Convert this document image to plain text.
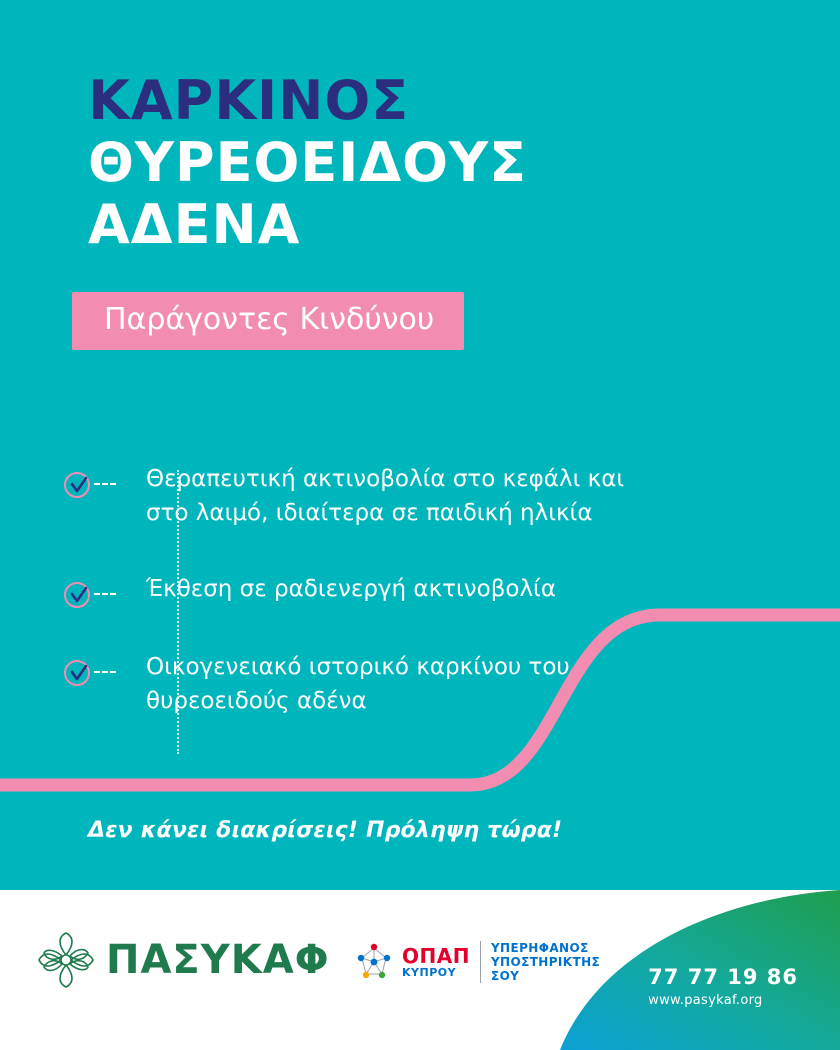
ΚΑΡΚΙΝΟΣ
ΘΥΡΕΟΕΙΔΟΥΣ
ΑΔΕΝΑ
Παράγοντες Κινδύνου
Θεραπευτική ακτινοβολία στο κεφάλι και στο λαιμό, ιδιαίτερα σε παιδική ηλικία
Έκθεση σε ραδιενεργή ακτινοβολία
Οικογενειακό ιστορικό καρκίνου του θυρεοειδούς αδένα
Δεν κάνει διακρίσεις! Πρόληψη τώρα!
ΠΑΣΥΚΑΦ	ΟΠΑΠ
ΚΥΠΡΟΥ
ΥΠΕΡΗΦΑΝΟΣ
ΥΠΟΣΤΗΡΙΚΤΗΣ
ΣΟΥ	77 77 19 86
www.pasykaf.org
